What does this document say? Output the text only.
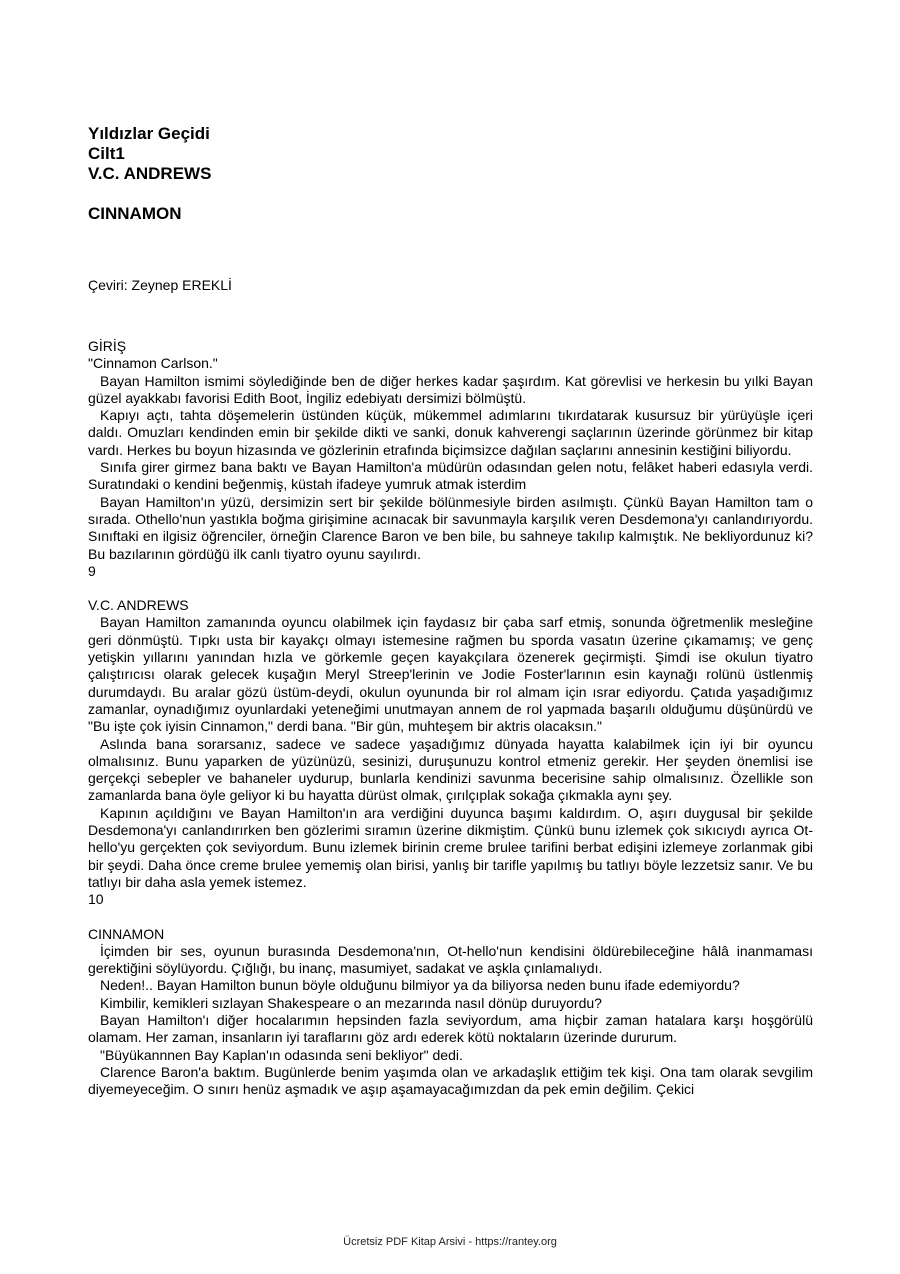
Yıldızlar Geçidi
Cilt1
V.C. ANDREWS
CINNAMON
Çeviri: Zeynep EREKLİ

GİRİŞ

"Cinnamon Carlson."

Bayan Hamilton ismimi söylediğinde ben de diğer herkes kadar şaşırdım. Kat görevlisi ve herkesin bu yılki Bayan güzel ayakkabı favorisi Edith Boot, İngiliz edebiyatı dersimizi bölmüştü.

Kapıyı açtı, tahta döşemelerin üstünden küçük, mükemmel adımlarını tıkırdatarak kusursuz bir yürüyüşle içeri daldı. Omuzları kendinden emin bir şekilde dikti ve sanki, donuk kahverengi saçlarının üzerinde görünmez bir kitap vardı. Herkes bu boyun hizasında ve gözlerinin etrafında biçimsizce dağılan saçlarını annesinin kestiğini biliyordu.

Sınıfa girer girmez bana baktı ve Bayan Hamilton'a müdürün odasından gelen notu, felâket haberi edasıyla verdi. Suratındaki o kendini beğenmiş, küstah ifadeye yumruk atmak isterdim

Bayan Hamilton'ın yüzü, dersimizin sert bir şekilde bölünmesiyle birden asılmıştı. Çünkü Bayan Hamilton tam o sırada. Othello'nun yastıkla boğma girişimine acınacak bir savunmayla karşılık veren Desdemona'yı canlandırıyordu. Sınıftaki en ilgisiz öğrenciler, örneğin Clarence Baron ve ben bile, bu sahneye takılıp kalmıştık. Ne bekliyordunuz ki? Bu bazılarının gördüğü ilk canlı tiyatro oyunu sayılırdı.

9

V.C. ANDREWS

Bayan Hamilton zamanında oyuncu olabilmek için faydasız bir çaba sarf etmiş, sonunda öğretmenlik mesleğine geri dönmüştü. Tıpkı usta bir kayakçı olmayı istemesine rağmen bu sporda vasatın üzerine çıkamamış; ve genç yetişkin yıllarını yanından hızla ve görkemle geçen kayakçılara özenerek geçirmişti. Şimdi ise okulun tiyatro çalıştırıcısı olarak gelecek kuşağın Meryl Streep'lerinin ve Jodie Foster'larının esin kaynağı rolünü üstlenmiş durumdaydı. Bu aralar gözü üstüm-deydi, okulun oyununda bir rol almam için ısrar ediyordu. Çatıda yaşadığımız zamanlar, oynadığımız oyunlardaki yeteneğimi unutmayan annem de rol yapmada başarılı olduğumu düşünürdü ve "Bu işte çok iyisin Cinnamon," derdi bana. "Bir gün, muhteşem bir aktris olacaksın."

Aslında bana sorarsanız, sadece ve sadece yaşadığımız dünyada hayatta kalabilmek için iyi bir oyuncu olmalısınız. Bunu yaparken de yüzünüzü, sesinizi, duruşunuzu kontrol etmeniz gerekir. Her şeyden önemlisi ise gerçekçi sebepler ve bahaneler uydurup, bunlarla kendinizi savunma becerisine sahip olmalısınız. Özellikle son zamanlarda bana öyle geliyor ki bu hayatta dürüst olmak, çırılçıplak sokağa çıkmakla aynı şey.

Kapının açıldığını ve Bayan Hamilton'ın ara verdiğini duyunca başımı kaldırdım. O, aşırı duygusal bir şekilde Desdemona'yı canlandırırken ben gözlerimi sıramın üzerine dikmiştim. Çünkü bunu izlemek çok sıkıcıydı ayrıca Ot-hello'yu gerçekten çok seviyordum. Bunu izlemek birinin creme brulee tarifini berbat edişini izlemeye zorlanmak gibi bir şeydi. Daha önce creme brulee yememiş olan birisi, yanlış bir tarifle yapılmış bu tatlıyı böyle lezzetsiz sanır. Ve bu tatlıyı bir daha asla yemek istemez.

10

CINNAMON

İçimden bir ses, oyunun burasında Desdemona'nın, Ot-hello'nun kendisini öldürebileceğine hâlâ inanmaması gerektiğini söylüyordu. Çığlığı, bu inanç, masumiyet, sadakat ve aşkla çınlamalıydı.

Neden!.. Bayan Hamilton bunun böyle olduğunu bilmiyor ya da biliyorsa neden bunu ifade edemiyordu?

Kimbilir, kemikleri sızlayan Shakespeare o an mezarında nasıl dönüp duruyordu?

Bayan Hamilton'ı diğer hocalarımın hepsinden fazla seviyordum, ama hiçbir zaman hatalara karşı hoşgörülü olamam. Her zaman, insanların iyi taraflarını göz ardı ederek kötü noktaların üzerinde dururum.

"Büyükannnen Bay Kaplan'ın odasında seni bekliyor" dedi.

Clarence Baron'a baktım. Bugünlerde benim yaşımda olan ve arkadaşlık ettiğim tek kişi. Ona tam olarak sevgilim diyemeyeceğim. O sınırı henüz aşmadık ve aşıp aşamayacağımızdan da pek emin değilim. Çekici

Ücretsiz PDF Kitap Arsivi - https://rantey.org
